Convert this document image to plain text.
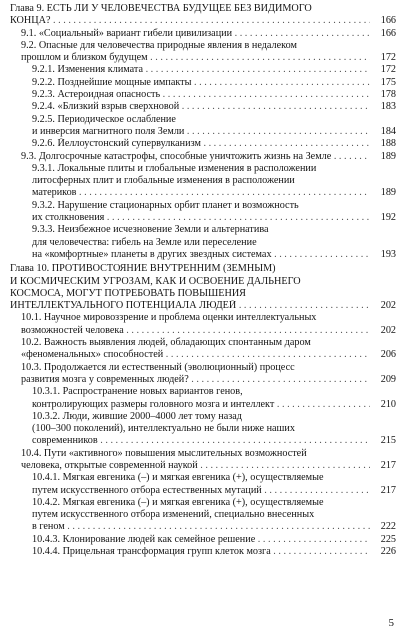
Глава 9. ЕСТЬ ЛИ У ЧЕЛОВЕЧЕСТВА БУДУЩЕЕ БЕЗ ВИДИМОГО
КОНЦА? . . .	166
9.1. «Социальный» вариант гибели цивилизации . . .	166
9.2. Опасные для человечества природные явления в недалеком
прошлом и близком будущем . . .	172
9.2.1. Изменения климата . . .	172
9.2.2. Позднейшие мощные импакты . . .	175
9.2.3. Астероидная опасность . . .	178
9.2.4. «Близкий взрыв сверхновой . . .	183
9.2.5. Периодическое ослабление
и инверсия магнитного поля Земли . . .	184
9.2.6. Йеллоустонский супервулканизм . . .	188
9.3. Долгосрочные катастрофы, способные уничтожить жизнь на Земле . . .	189
9.3.1. Локальные плиты и глобальные изменения в расположении
литосферных плит и глобальные изменения в расположении
материков . . .	189
9.3.2. Нарушение стационарных орбит планет и возможность
их столкновения . . .	192
9.3.3. Неизбежное исчезновение Земли и альтернатива
для человечества: гибель на Земле или переселение
на «комфортные» планеты в других звездных системах . . .	193
Глава 10. ПРОТИВОСТОЯНИЕ ВНУТРЕННИМ (ЗЕМНЫМ)
И КОСМИЧЕСКИМ УГРОЗАМ, КАК И ОСВОЕНИЕ ДАЛЬНЕГО
КОСМОСА, МОГУТ ПОТРЕБОВАТЬ ПОВЫШЕНИЯ
ИНТЕЛЛЕКТУАЛЬНОГО ПОТЕНЦИАЛА ЛЮДЕЙ . . .	202
10.1. Научное мировоззрение и проблема оценки интеллектуальных
возможностей человека . . .	202
10.2. Важность выявления людей, обладающих спонтанным даром
«феноменальных» способностей . . .	206
10.3. Продолжается ли естественный (эволюционный) процесс
развития мозга у современных людей? . . .	209
10.3.1. Распространение новых вариантов генов,
контролирующих размеры головного мозга и интеллект . . .	210
10.3.2. Люди, жившие 2000–4000 лет тому назад
(100–300 поколений), интеллектуально не были ниже наших
современников . . .	215
10.4. Пути «активного» повышения мыслительных возможностей
человека, открытые современной наукой . . .	217
10.4.1. Мягкая евгеника (–) и мягкая евгеника (+), осуществляемые
путем искусственного отбора естественных мутаций . . .	217
10.4.2. Мягкая евгеника (–) и мягкая евгеника (+), осуществляемые
путем искусственного отбора изменений, специально внесенных
в геном . . .	222
10.4.3. Клонирование людей как семейное решение . . .	225
10.4.4. Прицельная трансформация групп клеток мозга . . .	226
5
